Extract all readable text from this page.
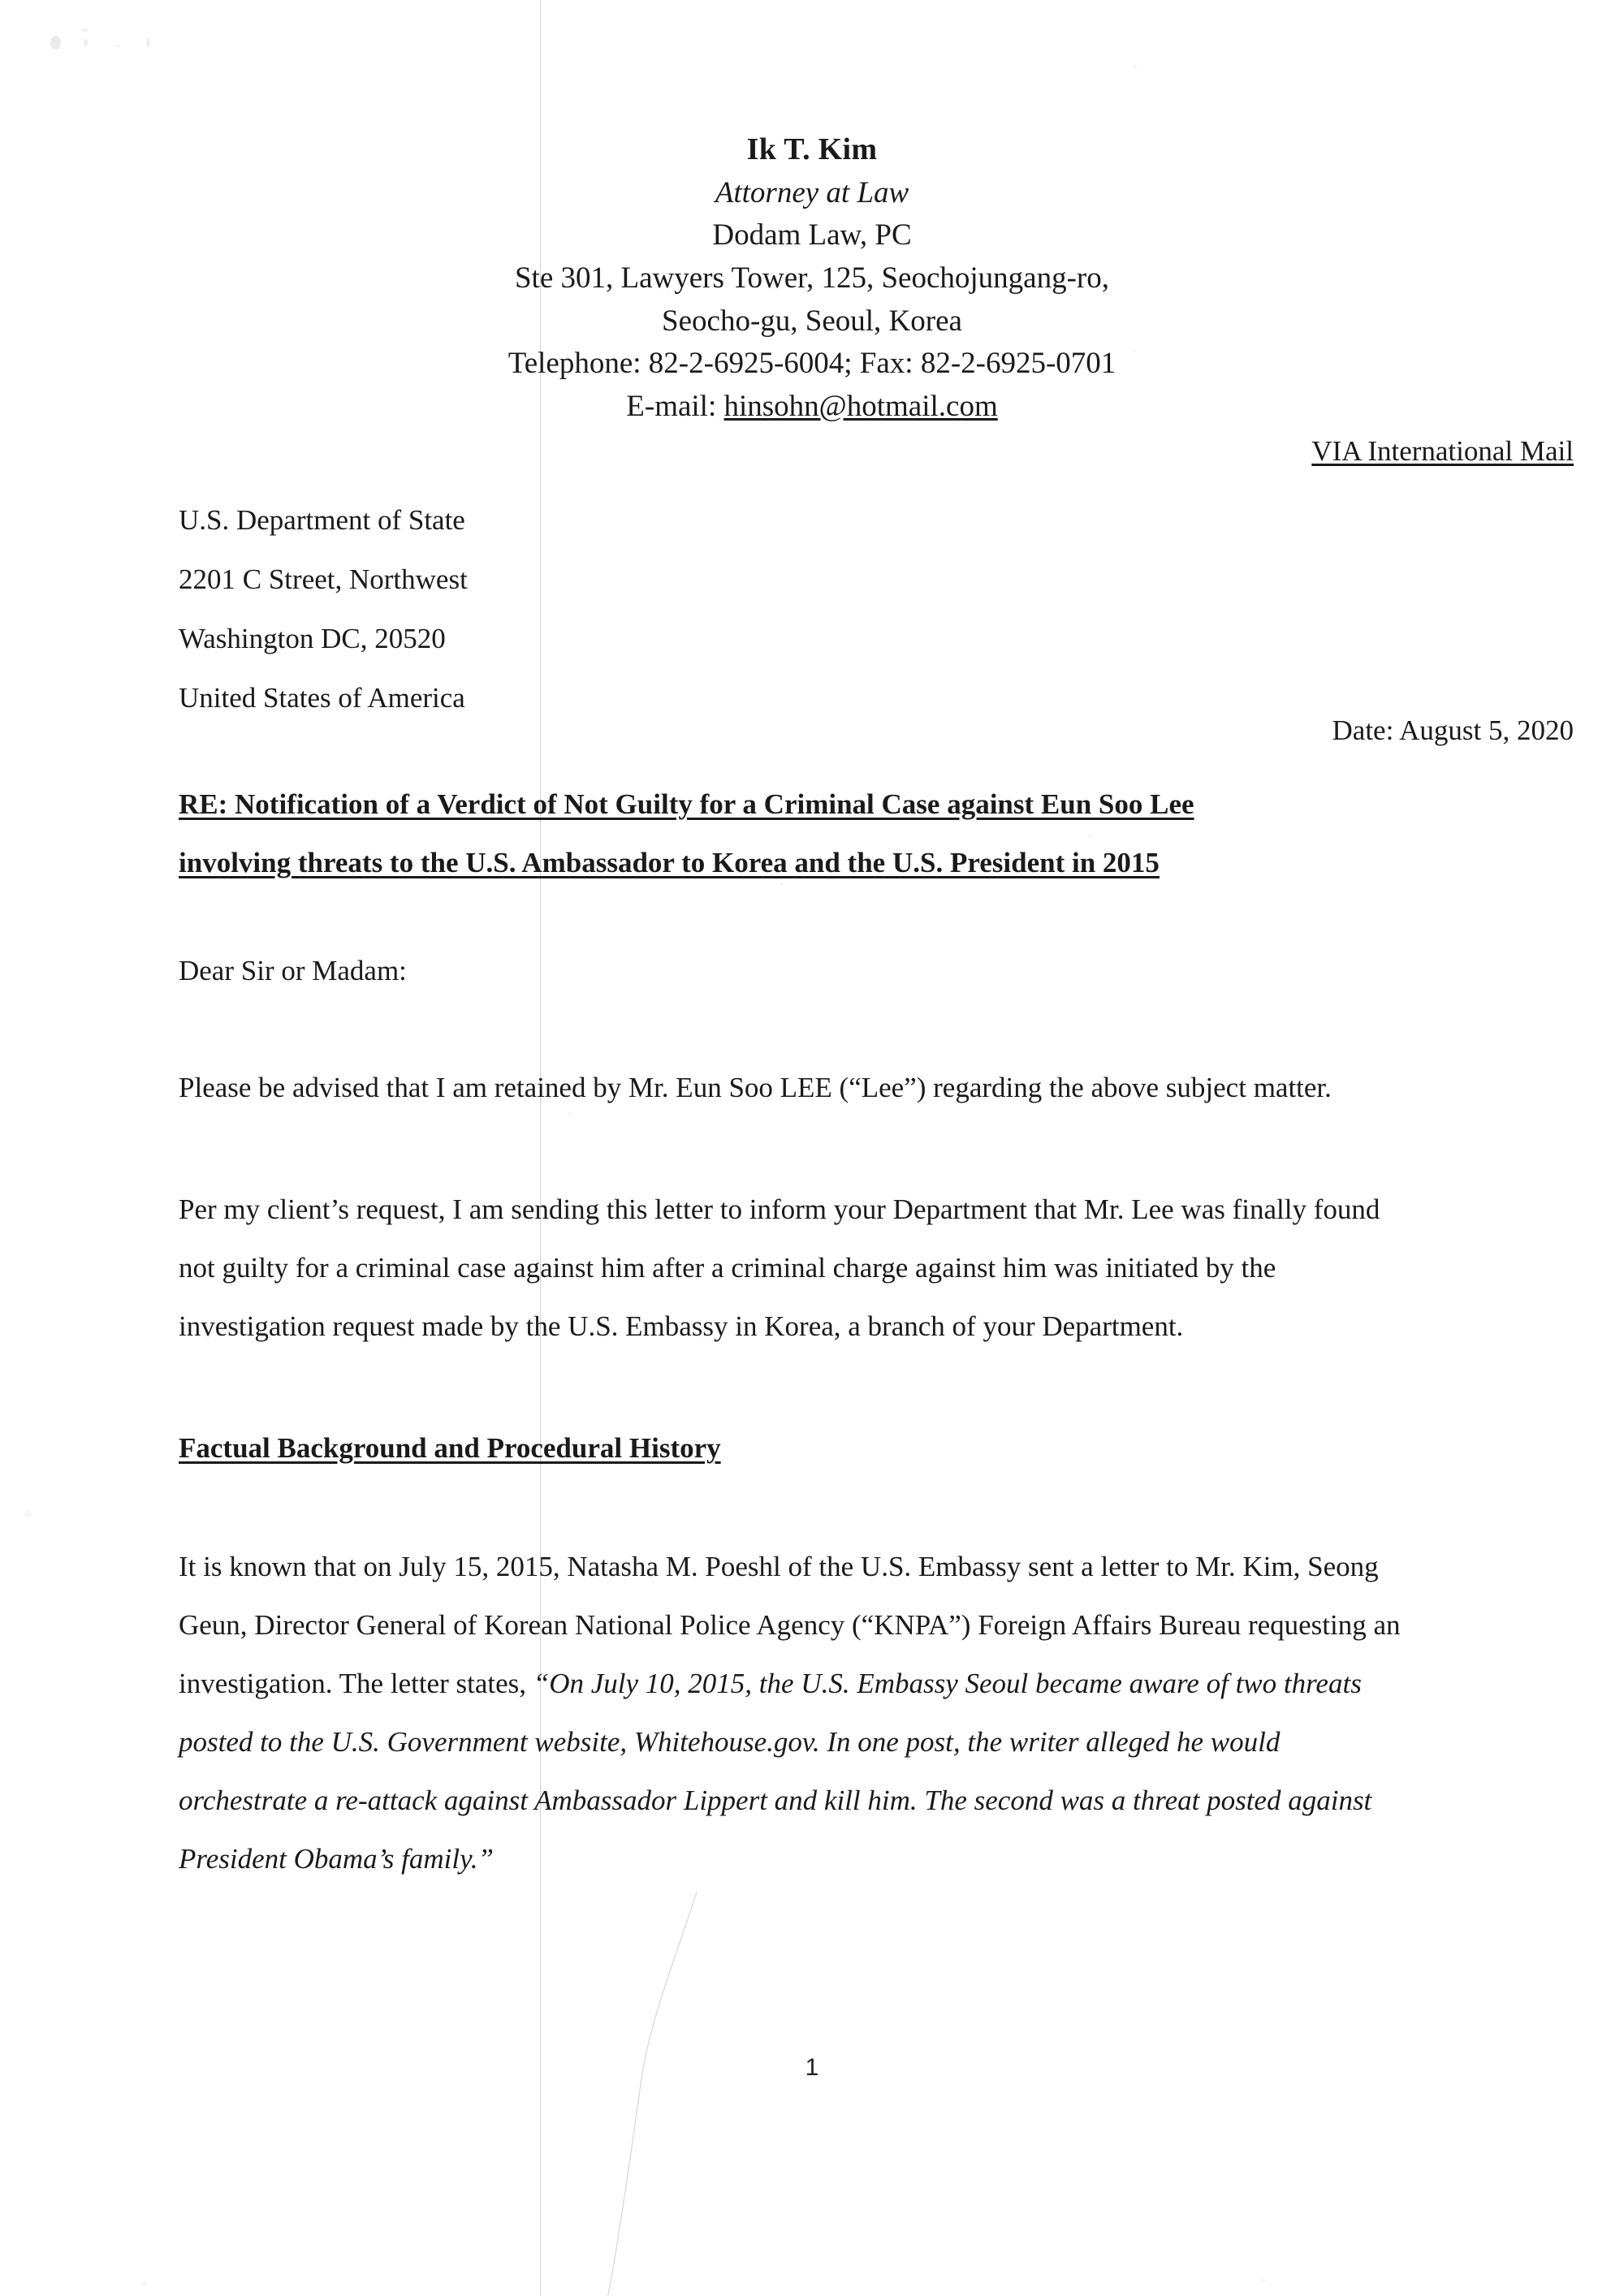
Ik T. Kim
Attorney at Law
Dodam Law, PC
Ste 301, Lawyers Tower, 125, Seochojungang-ro,
Seocho-gu, Seoul, Korea
Telephone: 82-2-6925-6004; Fax: 82-2-6925-0701
E-mail: hinsohn@hotmail.com
VIA International Mail
U.S. Department of State
2201 C Street, Northwest
Washington DC, 20520
United States of America
Date: August 5, 2020
RE: Notification of a Verdict of Not Guilty for a Criminal Case against Eun Soo Lee
involving threats to the U.S. Ambassador to Korea and the U.S. President in 2015
Dear Sir or Madam:
Please be advised that I am retained by Mr. Eun Soo LEE (“Lee”) regarding the above subject matter.
Per my client’s request, I am sending this letter to inform your Department that Mr. Lee was finally found not guilty for a criminal case against him after a criminal charge against him was initiated by the investigation request made by the U.S. Embassy in Korea, a branch of your Department.
Factual Background and Procedural History
It is known that on July 15, 2015, Natasha M. Poeshl of the U.S. Embassy sent a letter to Mr. Kim, Seong Geun, Director General of Korean National Police Agency (“KNPA”) Foreign Affairs Bureau requesting an investigation. The letter states, “On July 10, 2015, the U.S. Embassy Seoul became aware of two threats posted to the U.S. Government website, Whitehouse.gov. In one post, the writer alleged he would orchestrate a re-attack against Ambassador Lippert and kill him. The second was a threat posted against President Obama’s family.”
1
